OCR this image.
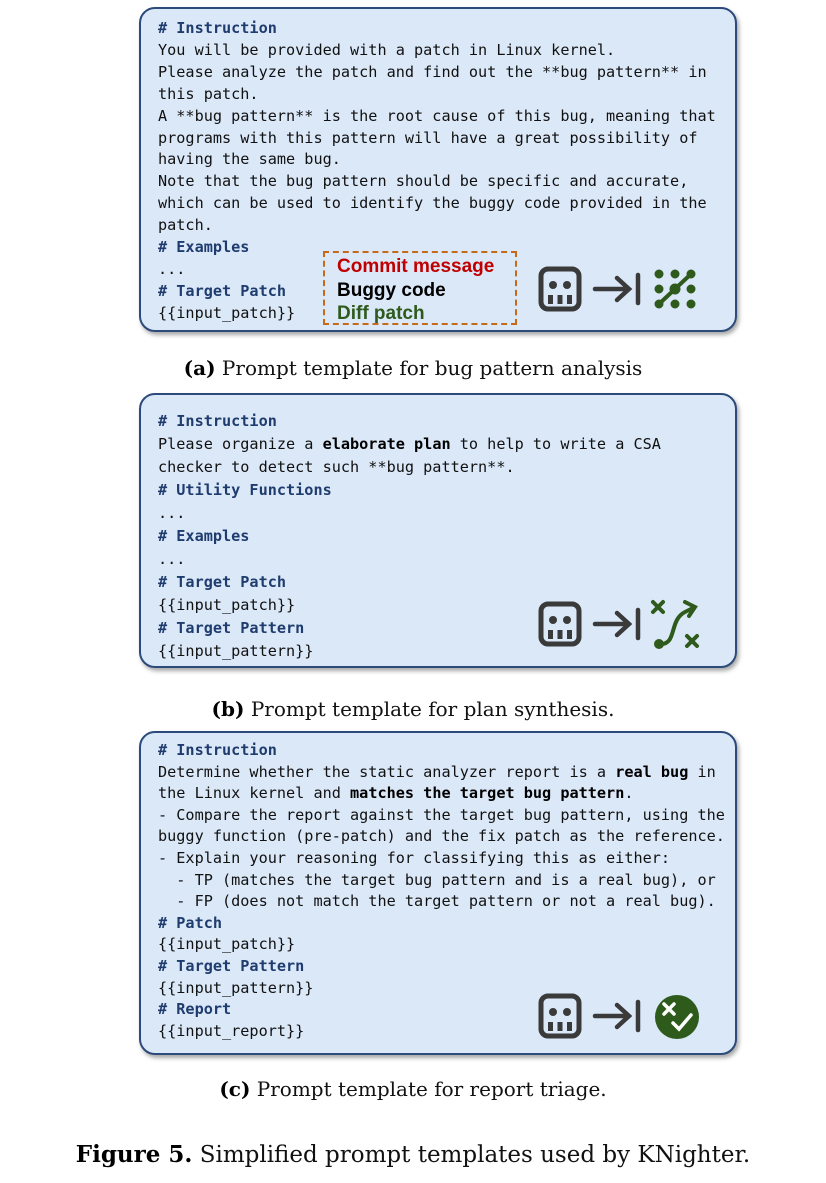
# Instruction
You will be provided with a patch in Linux kernel.
Please analyze the patch and find out the **bug pattern** in
this patch.
A **bug pattern** is the root cause of this bug, meaning that
programs with this pattern will have a great possibility of
having the same bug.
Note that the bug pattern should be specific and accurate,
which can be used to identify the buggy code provided in the
patch.
# Examples
...
# Target Patch
{{input_patch}}
Commit message
Buggy code
Diff patch
(a) Prompt template for bug pattern analysis
# Instruction
Please organize a elaborate plan to help to write a CSA
checker to detect such **bug pattern**.
# Utility Functions
...
# Examples
...
# Target Patch
{{input_patch}}
# Target Pattern
{{input_pattern}}
(b) Prompt template for plan synthesis.
# Instruction
Determine whether the static analyzer report is a real bug in
the Linux kernel and matches the target bug pattern.
- Compare the report against the target bug pattern, using the
buggy function (pre-patch) and the fix patch as the reference.
- Explain your reasoning for classifying this as either:
- TP (matches the target bug pattern and is a real bug), or
- FP (does not match the target pattern or not a real bug).
# Patch
{{input_patch}}
# Target Pattern
{{input_pattern}}
# Report
{{input_report}}
(c) Prompt template for report triage.
Figure 5. Simplified prompt templates used by KNighter.
